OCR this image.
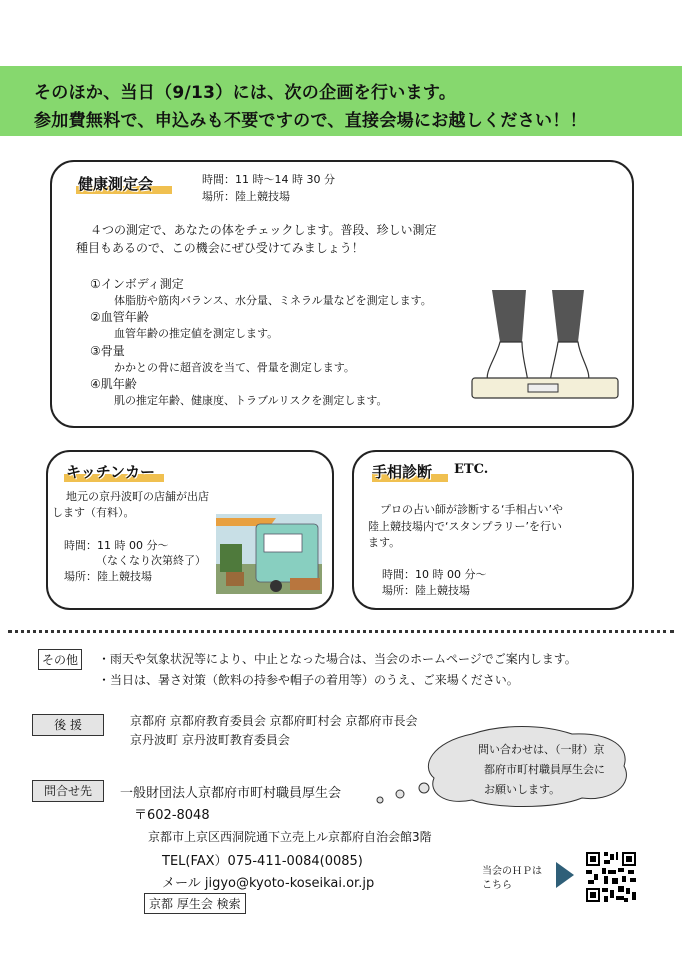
そのほか、当日（9/13）には、次の企画を行います。
参加費無料で、申込みも不要ですので、直接会場にお越しください！！
健康測定会	時間：11 時～14 時 30 分
場所：陸上競技場
４つの測定で、あなたの体をチェックします。普段、珍しい測定
種目もあるので、この機会にぜひ受けてみましょう！
①インボディ測定
体脂肪や筋肉バランス、水分量、ミネラル量などを測定します。
②血管年齢
血管年齢の推定値を測定します。
③骨量
かかとの骨に超音波を当て、骨量を測定します。
④肌年齢
肌の推定年齢、健康度、トラブルリスクを測定します。
キッチンカー
地元の京丹波町の店舗が出店
します（有料）。
時間：11 時 00 分～
（なくなり次第終了）
場所：陸上競技場
手相診断	ETC.
プロの占い師が診断する‘手相占い’や
陸上競技場内で‘スタンプラリー’を行い
ます。
時間：10 時 00 分～
場所：陸上競技場
その他	・雨天や気象状況等により、中止となった場合は、当会のホームページでご案内します。
・当日は、暑さ対策（飲料の持参や帽子の着用等）のうえ、ご来場ください。
後 援	京都府 京都府教育委員会 京都府町村会 京都府市長会
京丹波町 京丹波町教育委員会
問い合わせは、（一財）京
都府市町村職員厚生会に
お願いします。
問合せ先	一般財団法人京都府市町村職員厚生会
〒602-8048
京都市上京区西洞院通下立売上ル京都府自治会館3階
TEL(FAX）075-411-0084(0085)
メール jigyo@kyoto-koseikai.or.jp
京都 厚生会 検索
当会のＨＰは
こちら
